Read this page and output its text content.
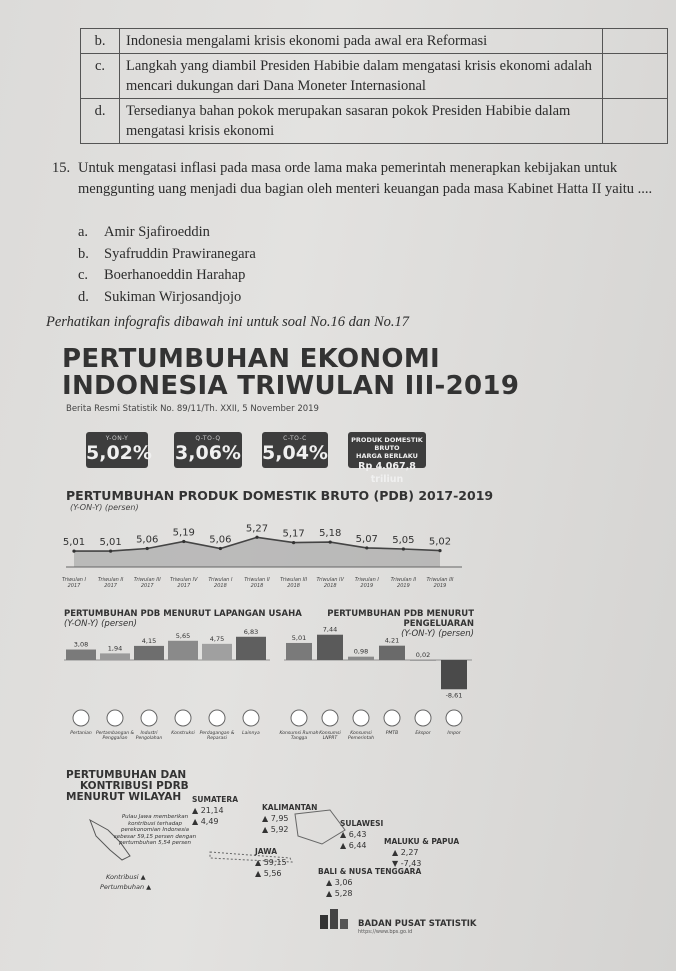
b.	Indonesia mengalami krisis ekonomi pada awal era Reformasi	
c.	Langkah yang diambil Presiden Habibie dalam mengatasi krisis ekonomi adalah mencari dukungan dari Dana Moneter Internasional	
d.	Tersedianya bahan pokok merupakan sasaran pokok Presiden Habibie dalam mengatasi krisis ekonomi	
15. Untuk mengatasi inflasi pada masa orde lama maka pemerintah menerapkan kebijakan untuk menggunting uang menjadi dua bagian oleh menteri keuangan pada masa Kabinet Hatta II yaitu ....
a. Amir Sjafiroeddin
b. Syafruddin Prawiranegara
c. Boerhanoeddin Harahap
d. Sukiman Wirjosandjojo
Perhatikan infografis dibawah ini untuk soal No.16 dan No.17
PERTUMBUHAN EKONOMI
INDONESIA TRIWULAN III-2019
Berita Resmi Statistik No. 89/11/Th. XXII, 5 November 2019
Y-ON-Y
5,02%
Q-TO-Q
3,06%
C-TO-C
5,04%
PRODUK DOMESTIK BRUTO
HARGA BERLAKU
Rp 4.067,8 triliun
PERTUMBUHAN PRODUK DOMESTIK BRUTO (PDB) 2017-2019
(Y-ON-Y) (persen)
5,01
Triwulan I 2017
5,01
Triwulan II 2017
5,06
Triwulan III 2017
5,19
Triwulan IV 2017
5,06
Triwulan I 2018
5,27
Triwulan II 2018
5,17
Triwulan III 2018
5,18
Triwulan IV 2018
5,07
Triwulan I 2019
5,05
Triwulan II 2019
5,02
Triwulan III 2019
PERTUMBUHAN PDB MENURUT LAPANGAN USAHA
(Y-ON-Y) (persen)
PERTUMBUHAN PDB MENURUT PENGELUARAN
(Y-ON-Y) (persen)
3,08
Pertanian
1,94
Pertambangan & Penggalian
4,15
Industri Pengolahan
5,65
Konstruksi
4,75
Perdagangan & Reparasi
6,83
Lainnya
5,01
Konsumsi Rumah Tangga
7,44
Konsumsi LNPRT
0,98
Konsumsi Pemerintah
4,21
PMTB
0,02
Ekspor
-8,61
Impor
PERTUMBUHAN DAN
KONTRIBUSI PDRB
MENURUT WILAYAH
Pulau Jawa memberikan
kontribusi terhadap
perekonomian Indonesia
sebesar 59,15 persen dengan
pertumbuhan 5,54 persen
Kontribusi ▲
Pertumbuhan ▲
SUMATERA
▲ 21,14
▲ 4,49
KALIMANTAN
▲ 7,95
▲ 5,92
SULAWESI
▲ 6,43
▲ 6,44	MALUKU & PAPUA
▲ 2,27
▼ -7,43
JAWA
▲ 59,15
▲ 5,56	BALI & NUSA TENGGARA
▲ 3,06
▲ 5,28
BADAN PUSAT STATISTIK
https://www.bps.go.id
